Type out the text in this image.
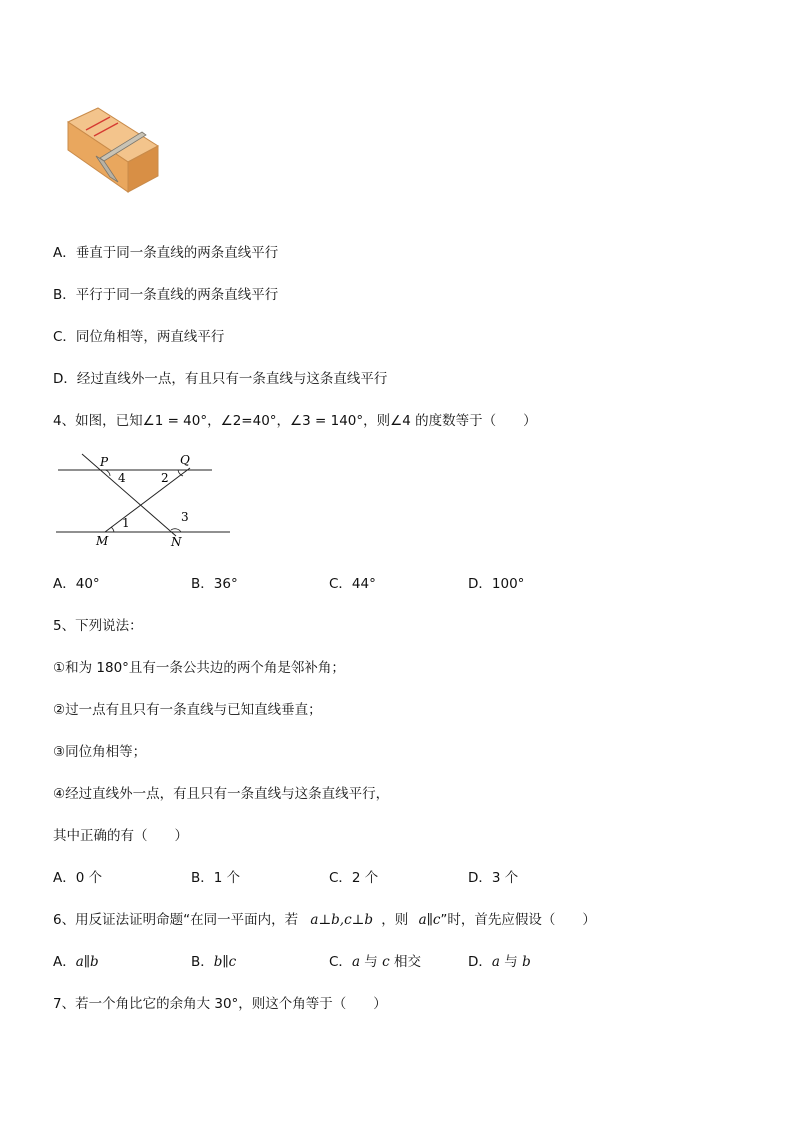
A．垂直于同一条直线的两条直线平行
B．平行于同一条直线的两条直线平行
C．同位角相等，两直线平行
D．经过直线外一点，有且只有一条直线与这条直线平行
4、如图，已知∠1 = 40°，∠2=40°，∠3 = 140°，则∠4 的度数等于（　　）
P	Q
M	N
4	2
1	3
A．40°	B．36°	C．44°	D．100°
5、下列说法：
①和为 180°且有一条公共边的两个角是邻补角；
②过一点有且只有一条直线与已知直线垂直；
③同位角相等；
④经过直线外一点，有且只有一条直线与这条直线平行，
其中正确的有（　　）
A．0 个	B．1 个	C．2 个	D．3 个
6、用反证法证明命题“在同一平面内，若 a⊥b,c⊥b ，则 a∥c”时，首先应假设（　　）
A．a∥b	B．b∥c	C．a 与 c 相交	D．a 与 b
7、若一个角比它的余角大 30°，则这个角等于（　　）
